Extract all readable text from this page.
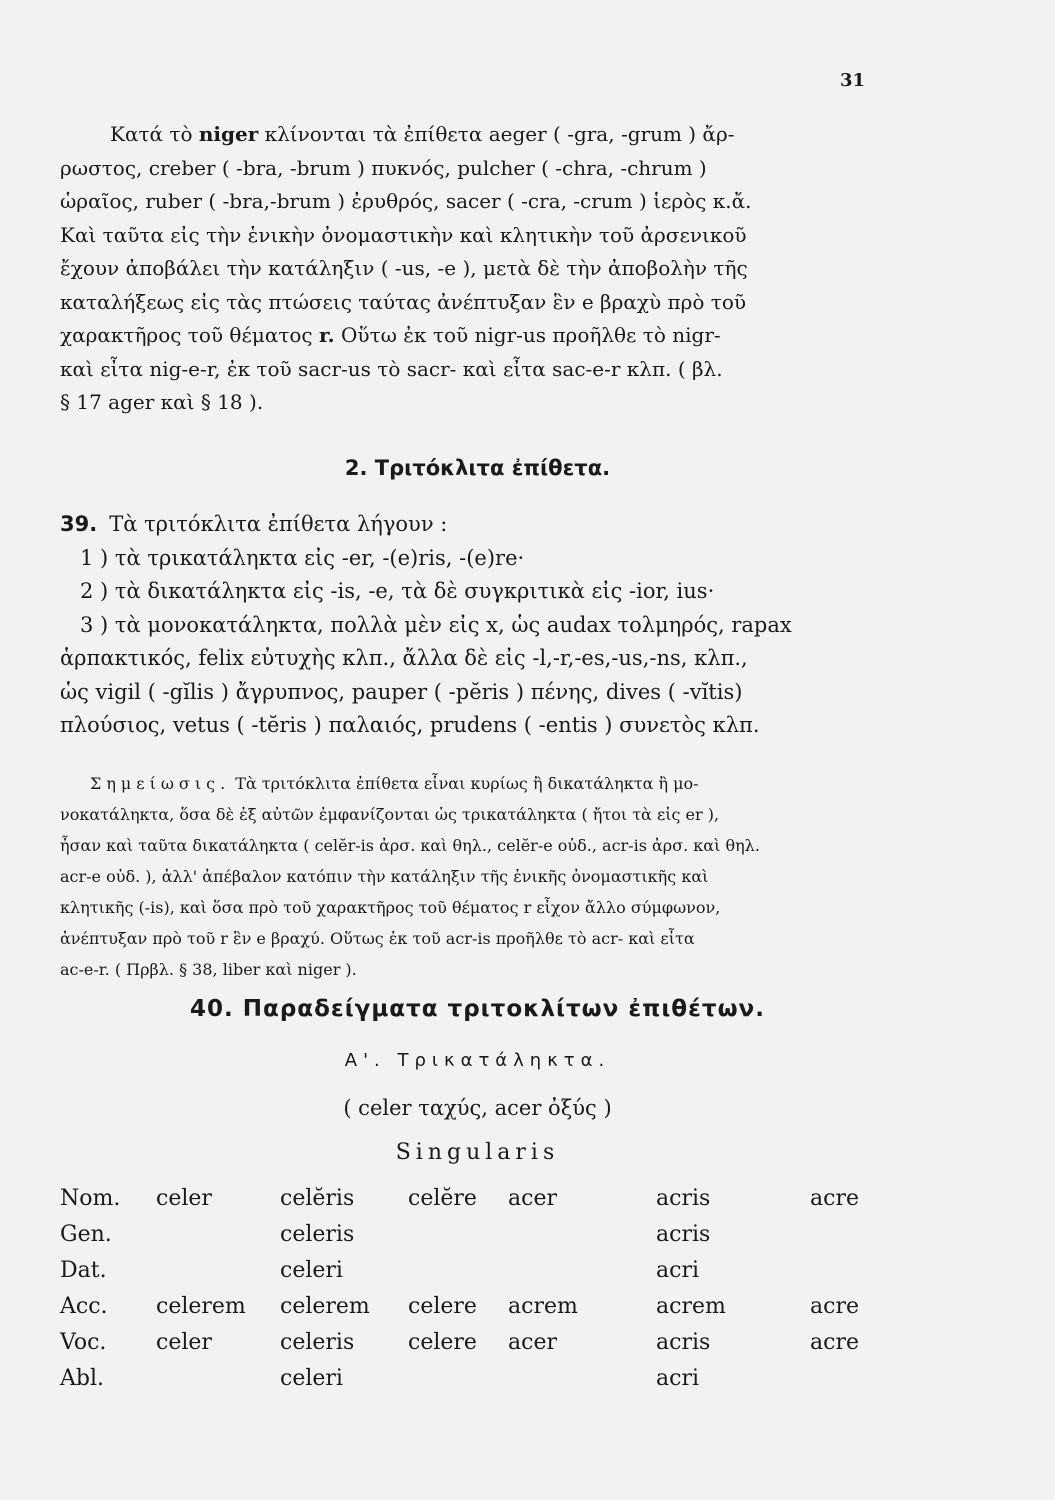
31
Κατά τὸ niger κλίνονται τὰ ἐπίθετα aeger ( -gra, -grum ) ἄρ-
ρωστος, creber ( -bra, -brum ) πυκνός, pulcher ( -chra, -chrum )
ὡραῖος, ruber ( -bra,-brum ) ἐρυθρός, sacer ( -cra, -crum ) ἱερὸς κ.ἄ.
Καὶ ταῦτα εἰς τὴν ἑνικὴν ὀνομαστικὴν καὶ κλητικὴν τοῦ ἀρσενικοῦ
ἔχουν ἀποβάλει τὴν κατάληξιν ( -us, -e ), μετὰ δὲ τὴν ἀποβολὴν τῆς
καταλήξεως εἰς τὰς πτώσεις ταύτας ἀνέπτυξαν ἓν e βραχὺ πρὸ τοῦ
χαρακτῆρος τοῦ θέματος r. Οὕτω ἐκ τοῦ nigr-us προῆλθε τὸ nigr-
καὶ εἶτα nig-e-r, ἐκ τοῦ sacr-us τὸ sacr- καὶ εἶτα sac-e-r κλπ. ( βλ.
§ 17 ager καὶ § 18 ).
2. Τριτόκλιτα ἐπίθετα.
39. Τὰ τριτόκλιτα ἐπίθετα λήγουν :
1 ) τὰ τρικατάληκτα εἰς -er, -(e)ris, -(e)re·
2 ) τὰ δικατάληκτα εἰς -is, -e, τὰ δὲ συγκριτικὰ εἰς -ior, ius·
3 ) τὰ μονοκατάληκτα, πολλὰ μὲν εἰς x, ὡς audax τολμηρός, rapax
ἁρπακτικός, felix εὐτυχὴς κλπ., ἄλλα δὲ εἰς -l,-r,-es,-us,-ns, κλπ.,
ὡς vigil ( -gĭlis ) ἄγρυπνος, pauper ( -pĕris ) πένης, dives ( -vĭtis)
πλούσιος, vetus ( -tĕris ) παλαιός, prudens ( -entis ) συνετὸς κλπ.
Σημείωσις. Τὰ τριτόκλιτα ἐπίθετα εἶναι κυρίως ἢ δικατάληκτα ἢ μο-
νοκατάληκτα, ὅσα δὲ ἐξ αὐτῶν ἐμφανίζονται ὡς τρικατάληκτα ( ἤτοι τὰ εἰς er ),
ἦσαν καὶ ταῦτα δικατάληκτα ( celĕr-is ἀρσ. καὶ θηλ., celĕr-e οὐδ., acr-is ἀρσ. καὶ θηλ.
acr-e οὐδ. ), ἀλλ' ἀπέβαλον κατόπιν τὴν κατάληξιν τῆς ἑνικῆς ὀνομαστικῆς καὶ
κλητικῆς (-is), καὶ ὅσα πρὸ τοῦ χαρακτῆρος τοῦ θέματος r εἶχον ἄλλο σύμφωνον,
ἀνέπτυξαν πρὸ τοῦ r ἓν e βραχύ. Οὕτως ἐκ τοῦ acr-is προῆλθε τὸ acr- καὶ εἶτα
ac-e-r. ( Πρβλ. § 38, liber καὶ niger ).
40. Παραδείγματα τριτοκλίτων ἐπιθέτων.
Α'. Τρικατάληκτα.
( celer ταχύς, acer ὀξύς )
Singularis
Nom.	celer	celĕris	celĕre	acer	acris	acre
Gen.		celeris			acris	
Dat.		celeri			acri	
Acc.	celerem	celerem	celere	acrem	acrem	acre
Voc.	celer	celeris	celere	acer	acris	acre
Abl.		celeri			acri	
